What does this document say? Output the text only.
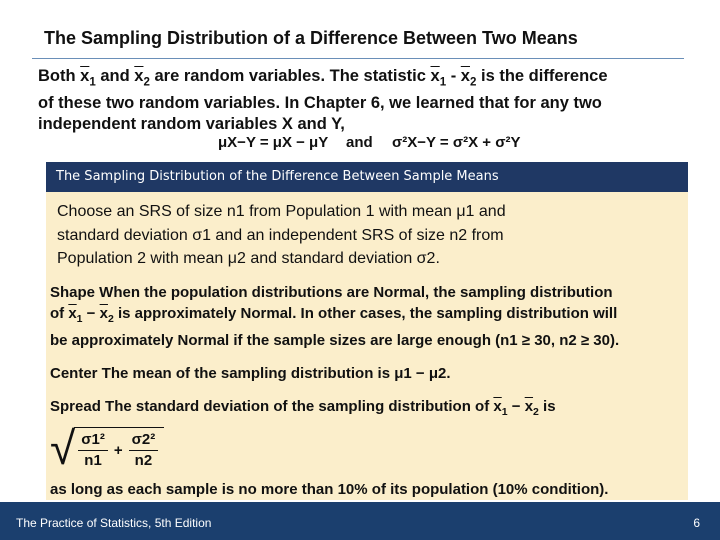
The Sampling Distribution of a Difference Between Two Means
Both $\overline{x}_1$ and $\overline{x}_2$ are random variables. The statistic $\overline{x}_1 - \overline{x}_2$ is the difference
of these two random variables. In Chapter 6, we learned that for any two
independent random variables X and Y,
μX−Y = μX − μY and σ²X−Y = σ²X + σ²Y
The Sampling Distribution of the Difference Between Sample Means
Choose an SRS of size n1 from Population 1 with mean μ1 and
standard deviation σ1 and an independent SRS of size n2 from
Population 2 with mean μ2 and standard deviation σ2.
Shape When the population distributions are Normal, the sampling distribution
of $\overline{x}_1 - \overline{x}_2$ is approximately Normal. In other cases, the sampling distribution will
be approximately Normal if the sample sizes are large enough (n1 ≥ 30, n2 ≥ 30).
Center The mean of the sampling distribution is μ1 − μ2.
Spread The standard deviation of the sampling distribution of $\overline{x}_1 - \overline{x}_2$ is
√ $\frac{\text{σ1²}}{n1} + \frac{\text{σ2²}}{n2}$
as long as each sample is no more than 10% of its population (10% condition).
The Practice of Statistics, 5th Edition	6
